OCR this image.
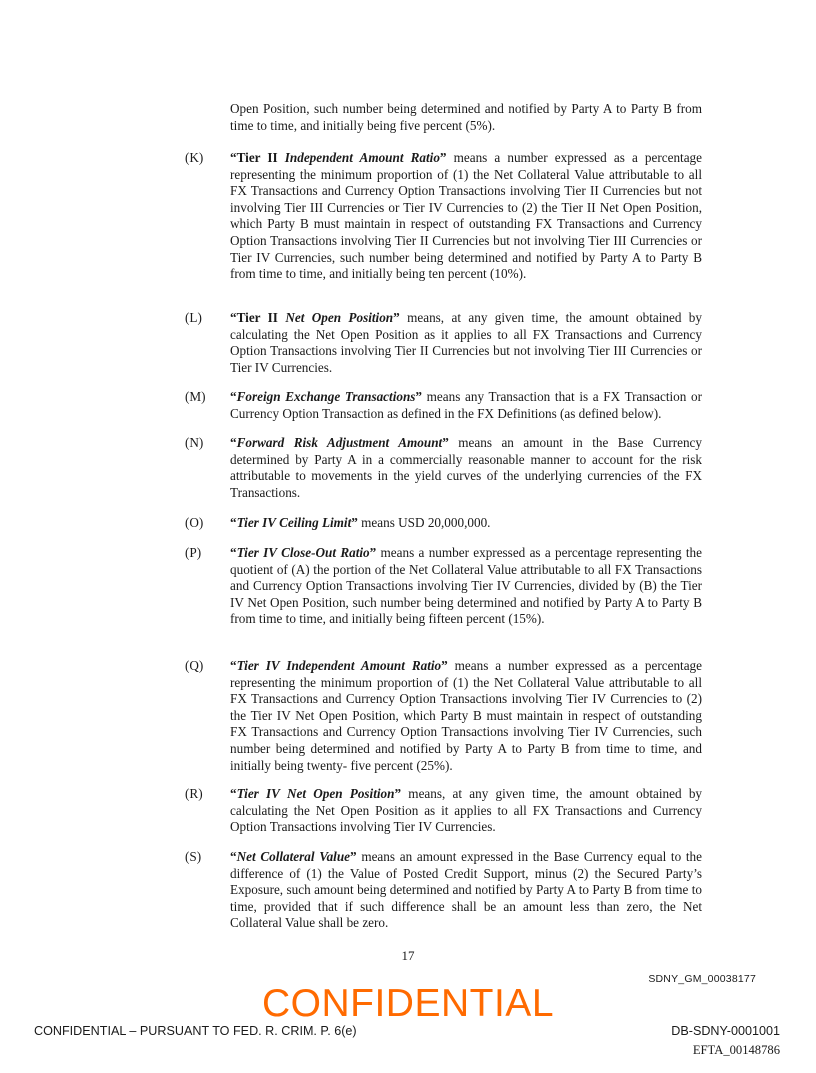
Open Position, such number being determined and notified by Party A to Party B from time to time, and initially being five percent (5%).

(K)	“Tier II Independent Amount Ratio” means a number expressed as a percentage representing the minimum proportion of (1) the Net Collateral Value attributable to all FX Transactions and Currency Option Transactions involving Tier II Currencies but not involving Tier III Currencies or Tier IV Currencies to (2) the Tier II Net Open Position, which Party B must maintain in respect of outstanding FX Transactions and Currency Option Transactions involving Tier II Currencies but not involving Tier III Currencies or Tier IV Currencies, such number being determined and notified by Party A to Party B from time to time, and initially being ten percent (10%).
(L)	“Tier II Net Open Position” means, at any given time, the amount obtained by calculating the Net Open Position as it applies to all FX Transactions and Currency Option Transactions involving Tier II Currencies but not involving Tier III Currencies or Tier IV Currencies.
(M)	“Foreign Exchange Transactions” means any Transaction that is a FX Transaction or Currency Option Transaction as defined in the FX Definitions (as defined below).
(N)	“Forward Risk Adjustment Amount” means an amount in the Base Currency determined by Party A in a commercially reasonable manner to account for the risk attributable to movements in the yield curves of the underlying currencies of the FX Transactions.
(O)	“Tier IV Ceiling Limit” means USD 20,000,000.
(P)	“Tier IV Close-Out Ratio” means a number expressed as a percentage representing the quotient of (A) the portion of the Net Collateral Value attributable to all FX Transactions and Currency Option Transactions involving Tier IV Currencies, divided by (B) the Tier IV Net Open Position, such number being determined and notified by Party A to Party B from time to time, and initially being fifteen percent (15%).
(Q)	“Tier IV Independent Amount Ratio” means a number expressed as a percentage representing the minimum proportion of (1) the Net Collateral Value attributable to all FX Transactions and Currency Option Transactions involving Tier IV Currencies to (2) the Tier IV Net Open Position, which Party B must maintain in respect of outstanding FX Transactions and Currency Option Transactions involving Tier IV Currencies, such number being determined and notified by Party A to Party B from time to time, and initially being twenty- five percent (25%).
(R)	“Tier IV Net Open Position” means, at any given time, the amount obtained by calculating the Net Open Position as it applies to all FX Transactions and Currency Option Transactions involving Tier IV Currencies.
(S)	“Net Collateral Value” means an amount expressed in the Base Currency equal to the difference of (1) the Value of Posted Credit Support, minus (2) the Secured Party’s Exposure, such amount being determined and notified by Party A to Party B from time to time, provided that if such difference shall be an amount less than zero, the Net Collateral Value shall be zero.
17
SDNY_GM_00038177
CONFIDENTIAL
CONFIDENTIAL – PURSUANT TO FED. R. CRIM. P. 6(e)	DB-SDNY-0001001
EFTA_00148786
